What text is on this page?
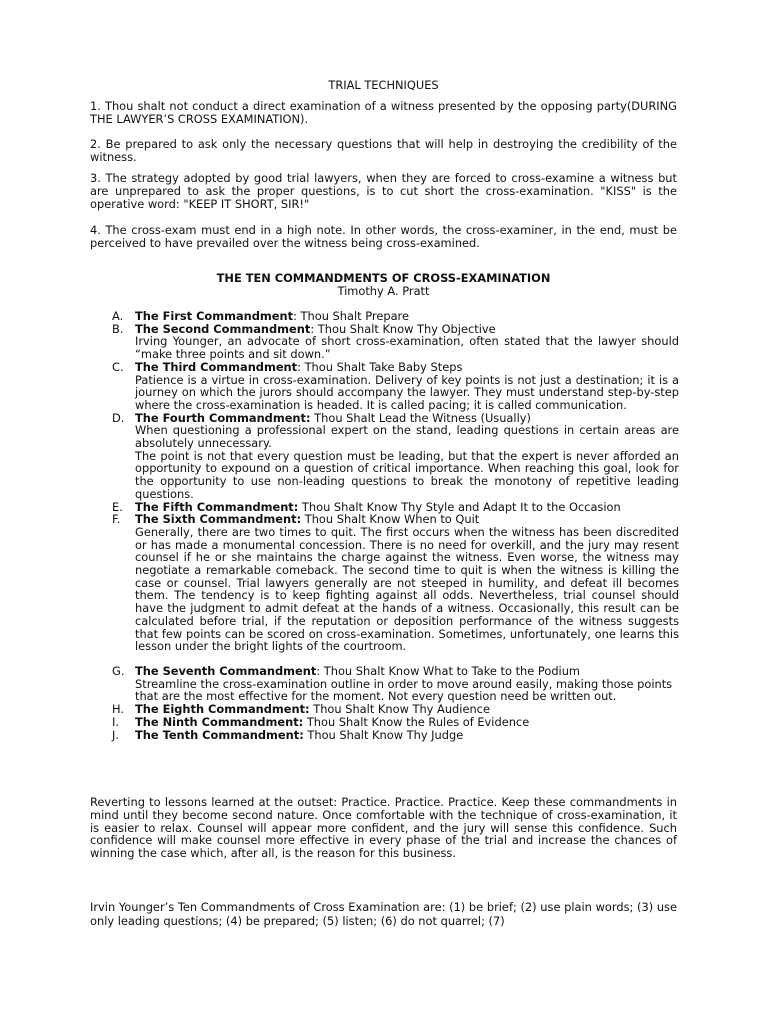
TRIAL TECHNIQUES

1. Thou shalt not conduct a direct examination of a witness presented by the opposing party(DURING THE LAWYER’S CROSS EXAMINATION).

2. Be prepared to ask only the necessary questions that will help in destroying the credibility of the witness.

3. The strategy adopted by good trial lawyers, when they are forced to cross-examine a witness but are unprepared to ask the proper questions, is to cut short the cross-examination. "KISS" is the operative word: "KEEP IT SHORT, SIR!"

4. The cross-exam must end in a high note. In other words, the cross-examiner, in the end, must be perceived to have prevailed over the witness being cross-examined.

THE TEN COMMANDMENTS OF CROSS-EXAMINATION
Timothy A. Pratt
A.	The First Commandment: Thou Shalt Prepare
B.	The Second Commandment: Thou Shalt Know Thy Objective
Irving Younger, an advocate of short cross-examination, often stated that the lawyer should “make three points and sit down.”
C.	The Third Commandment: Thou Shalt Take Baby Steps
Patience is a virtue in cross-examination. Delivery of key points is not just a destination; it is a journey on which the jurors should accompany the lawyer. They must understand step-by-step where the cross-examination is headed. It is called pacing; it is called communication.
D. The Fourth Commandment: Thou Shalt Lead the Witness (Usually)
When questioning a professional expert on the stand, leading questions in certain areas are absolutely unnecessary.
The point is not that every question must be leading, but that the expert is never afforded an opportunity to expound on a question of critical importance. When reaching this goal, look for the opportunity to use non-leading questions to break the monotony of repetitive leading questions.
E.	The Fifth Commandment: Thou Shalt Know Thy Style and Adapt It to the Occasion
F.	The Sixth Commandment: Thou Shalt Know When to Quit
Generally, there are two times to quit. The first occurs when the witness has been discredited or has made a monumental concession. There is no need for overkill, and the jury may resent counsel if he or she maintains the charge against the witness. Even worse, the witness may negotiate a remarkable comeback. The second time to quit is when the witness is killing the case or counsel. Trial lawyers generally are not steeped in humility, and defeat ill becomes them. The tendency is to keep fighting against all odds. Nevertheless, trial counsel should have the judgment to admit defeat at the hands of a witness. Occasionally, this result can be calculated before trial, if the reputation or deposition performance of the witness suggests that few points can be scored on cross-examination. Sometimes, unfortunately, one learns this lesson under the bright lights of the courtroom.
G. The Seventh Commandment: Thou Shalt Know What to Take to the Podium
Streamline the cross-examination outline in order to move around easily, making those points that are the most effective for the moment. Not every question need be written out.
H. The Eighth Commandment: Thou Shalt Know Thy Audience
I.	The Ninth Commandment: Thou Shalt Know the Rules of Evidence
J.	The Tenth Commandment: Thou Shalt Know Thy Judge

Reverting to lessons learned at the outset: Practice. Practice. Practice. Keep these commandments in mind until they become second nature. Once comfortable with the technique of cross-examination, it is easier to relax. Counsel will appear more confident, and the jury will sense this confidence. Such confidence will make counsel more effective in every phase of the trial and increase the chances of winning the case which, after all, is the reason for this business.

Irvin Younger’s Ten Commandments of Cross Examination are: (1) be brief; (2) use plain words; (3) use only leading questions; (4) be prepared; (5) listen; (6) do not quarrel; (7)
